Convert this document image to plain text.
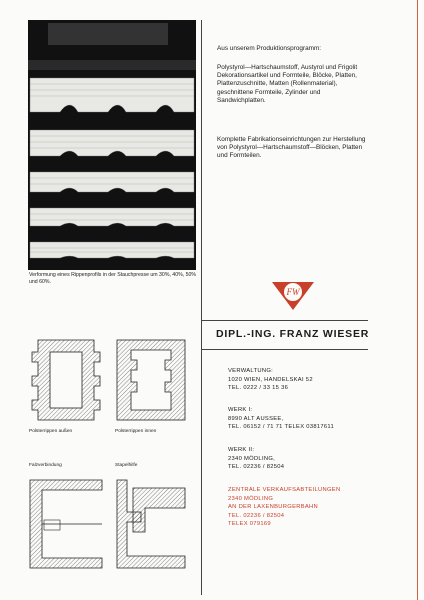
Verformung eines Rippenprofils in der Stauchpresse um 30%, 40%, 50% und 60%.
Aus unserem Produktionsprogramm:
Polystyrol—Hartschaumstoff, Austyrol und Frigolit Dekorationsartikel und Formteile, Blöcke, Platten, Plattenzuschnitte, Matten (Rollenmaterial), geschnittene Formteile, Zylinder und Sandwichplatten.
Komplette Fabrikationseinrichtungen zur Herstellung von Polystyrol—Hartschaumstoff—Blöcken, Platten und Formteilen.
FW
DIPL.-ING. FRANZ WIESER
VERWALTUNG:
1020 WIEN, HANDELSKAI 52
TEL. 0222 / 33 15 36
WERK I:
8990 ALT AUSSEE,
TEL. 06152 / 71 71 TELEX 03817611
WERK II:
2340 MÖDLING,
TEL. 02236 / 82504
ZENTRALE VERKAUFSABTEILUNGEN
2340 MÖDLING
AN DER LAXENBURGERBAHN
TEL. 02236 / 82504
TELEX 079169
Polsterrippen außen	Polsterrippen innen
Falzverbindung	Stapelhilfe
